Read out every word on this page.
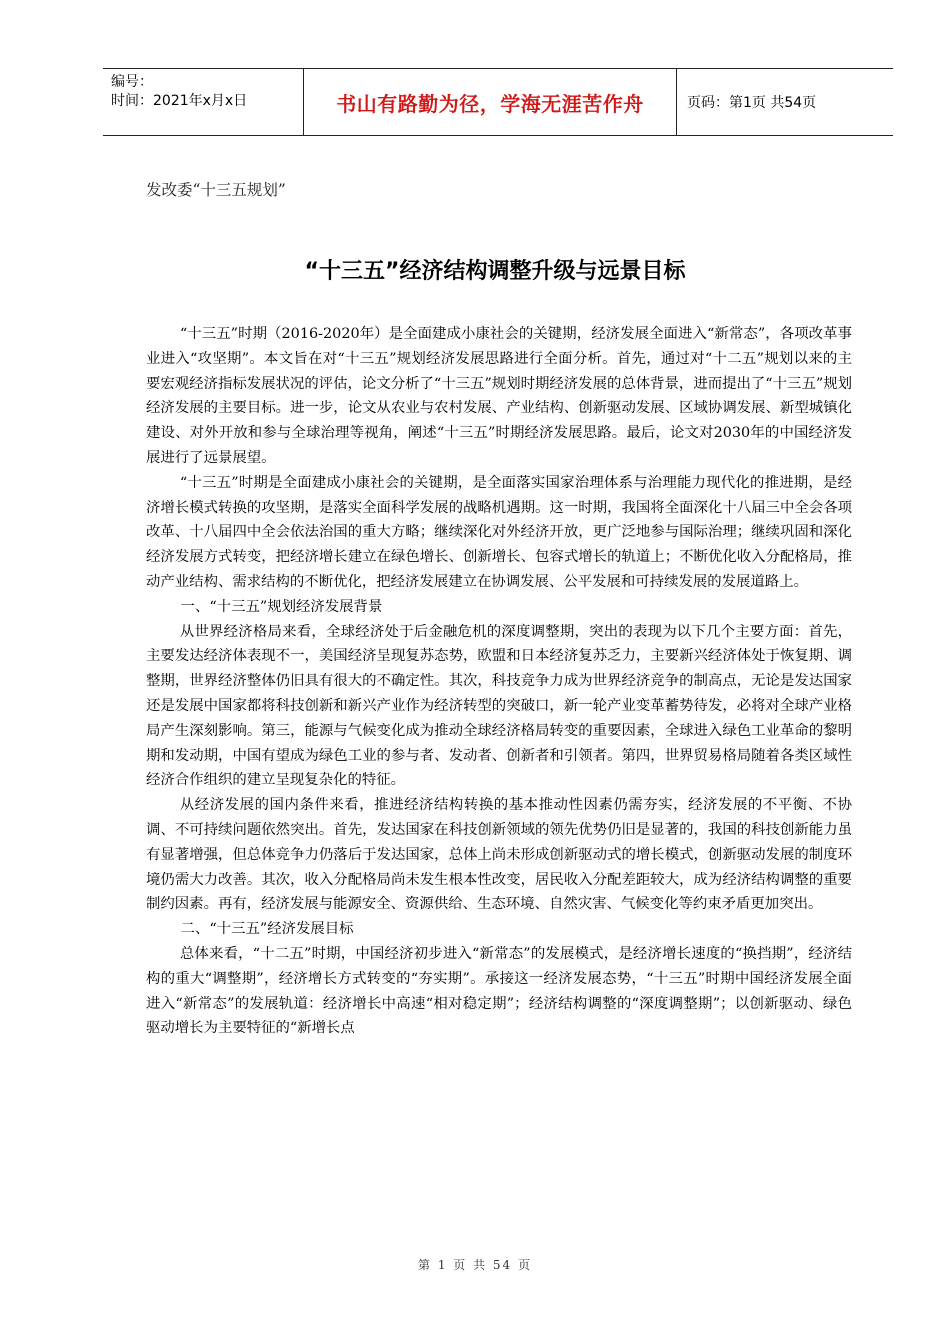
编号：
时间：2021年x月x日	书山有路勤为径，学海无涯苦作舟	页码：第1页 共54页
发改委“十三五规划”
“十三五”经济结构调整升级与远景目标

“十三五”时期（2016-2020年）是全面建成小康社会的关键期，经济发展全面进入“新常态”，各项改革事业进入“攻坚期”。本文旨在对“十三五”规划经济发展思路进行全面分析。首先，通过对“十二五”规划以来的主要宏观经济指标发展状况的评估，论文分析了“十三五”规划时期经济发展的总体背景，进而提出了“十三五”规划经济发展的主要目标。进一步，论文从农业与农村发展、产业结构、创新驱动发展、区域协调发展、新型城镇化建设、对外开放和参与全球治理等视角，阐述“十三五”时期经济发展思路。最后，论文对2030年的中国经济发展进行了远景展望。

“十三五”时期是全面建成小康社会的关键期，是全面落实国家治理体系与治理能力现代化的推进期，是经济增长模式转换的攻坚期，是落实全面科学发展的战略机遇期。这一时期，我国将全面深化十八届三中全会各项改革、十八届四中全会依法治国的重大方略；继续深化对外经济开放，更广泛地参与国际治理；继续巩固和深化经济发展方式转变，把经济增长建立在绿色增长、创新增长、包容式增长的轨道上；不断优化收入分配格局，推动产业结构、需求结构的不断优化，把经济发展建立在协调发展、公平发展和可持续发展的发展道路上。

一、“十三五”规划经济发展背景

从世界经济格局来看，全球经济处于后金融危机的深度调整期，突出的表现为以下几个主要方面：首先，主要发达经济体表现不一，美国经济呈现复苏态势，欧盟和日本经济复苏乏力，主要新兴经济体处于恢复期、调整期，世界经济整体仍旧具有很大的不确定性。其次，科技竞争力成为世界经济竞争的制高点，无论是发达国家还是发展中国家都将科技创新和新兴产业作为经济转型的突破口，新一轮产业变革蓄势待发，必将对全球产业格局产生深刻影响。第三，能源与气候变化成为推动全球经济格局转变的重要因素，全球进入绿色工业革命的黎明期和发动期，中国有望成为绿色工业的参与者、发动者、创新者和引领者。第四，世界贸易格局随着各类区域性经济合作组织的建立呈现复杂化的特征。

从经济发展的国内条件来看，推进经济结构转换的基本推动性因素仍需夯实，经济发展的不平衡、不协调、不可持续问题依然突出。首先，发达国家在科技创新领域的领先优势仍旧是显著的，我国的科技创新能力虽有显著增强，但总体竞争力仍落后于发达国家，总体上尚未形成创新驱动式的增长模式，创新驱动发展的制度环境仍需大力改善。其次，收入分配格局尚未发生根本性改变，居民收入分配差距较大，成为经济结构调整的重要制约因素。再有，经济发展与能源安全、资源供给、生态环境、自然灾害、气候变化等约束矛盾更加突出。

二、“十三五”经济发展目标

总体来看，“十二五”时期，中国经济初步进入“新常态”的发展模式，是经济增长速度的“换挡期”，经济结构的重大“调整期”，经济增长方式转变的“夯实期”。承接这一经济发展态势，“十三五”时期中国经济发展全面进入“新常态”的发展轨道：经济增长中高速“相对稳定期”；经济结构调整的“深度调整期”；以创新驱动、绿色驱动增长为主要特征的“新增长点

第 1 页 共 54 页
